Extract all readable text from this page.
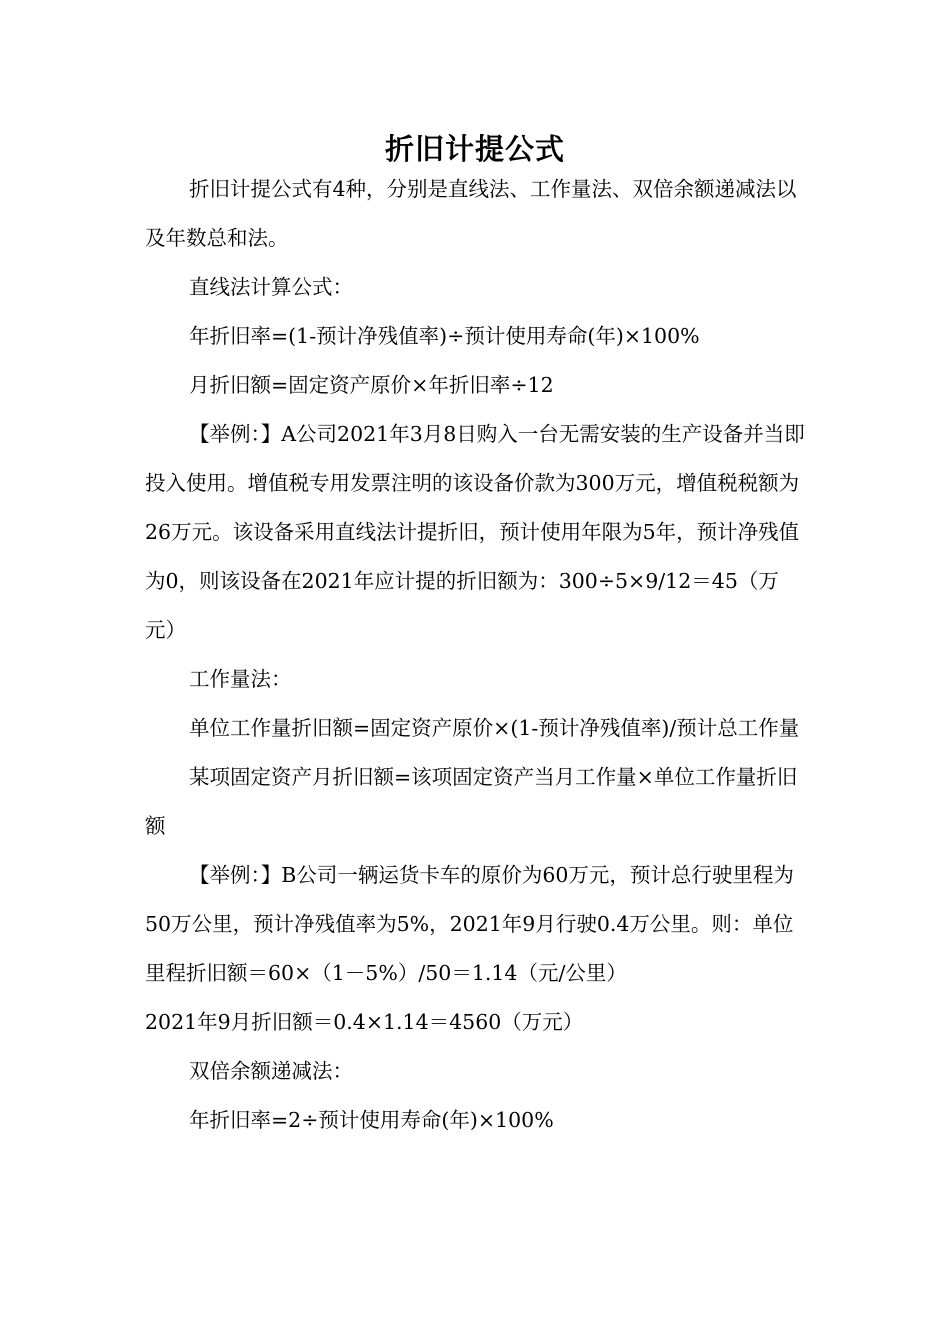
折旧计提公式

折旧计提公式有4种，分别是直线法、工作量法、双倍余额递减法以及年数总和法。

直线法计算公式：

年折旧率=(1-预计净残值率)÷预计使用寿命(年)×100%

月折旧额=固定资产原价×年折旧率÷12

【举例：】A公司2021年3月8日购入一台无需安装的生产设备并当即投入使用。增值税专用发票注明的该设备价款为300万元，增值税税额为26万元。该设备采用直线法计提折旧，预计使用年限为5年，预计净残值为0，则该设备在2021年应计提的折旧额为：300÷5×9/12＝45（万元）

工作量法：

单位工作量折旧额=固定资产原价×(1-预计净残值率)/预计总工作量

某项固定资产月折旧额=该项固定资产当月工作量×单位工作量折旧额

【举例：】B公司一辆运货卡车的原价为60万元，预计总行驶里程为50万公里，预计净残值率为5%，2021年9月行驶0.4万公里。则：单位里程折旧额＝60×（1－5%）/50＝1.14（元/公里）

2021年9月折旧额＝0.4×1.14＝4560（万元）

双倍余额递减法：

年折旧率=2÷预计使用寿命(年)×100%
